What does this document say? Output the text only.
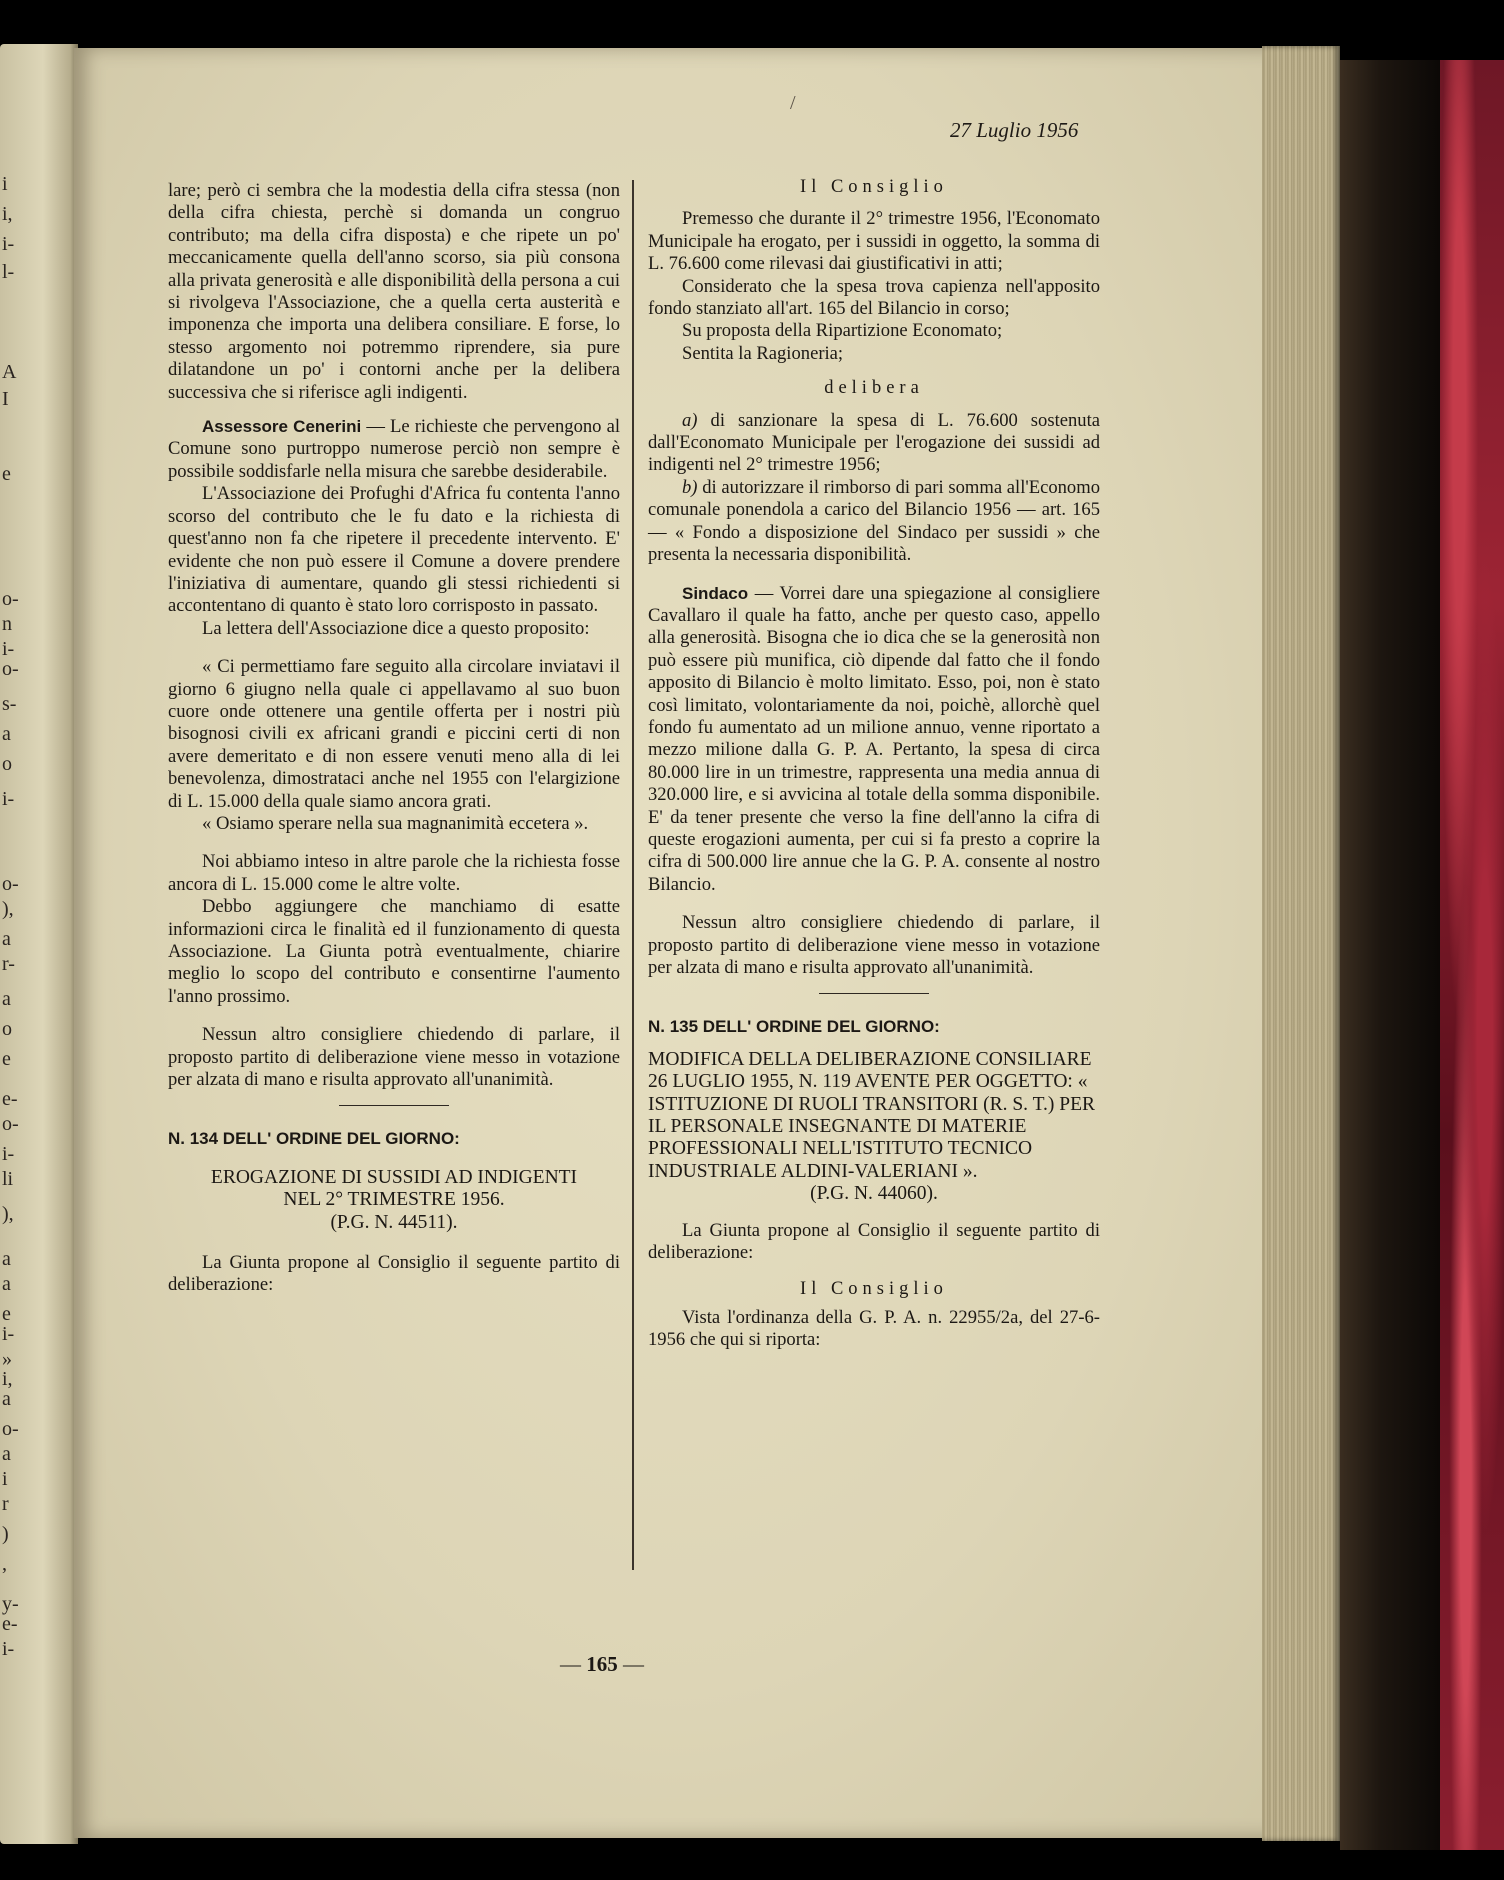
i
i,
i-
l-
A
I
e
o-
n
i-
o-
s-
a
o
i-
o-
),
a
r-
a
o
e
e-
o-
i-
li
),
a
a
e
i-
»
i,
a
o-
a
i
r
)
,
y-
e-
i-
27 Luglio 1956
/

lare; però ci sembra che la modestia della cifra stessa (non della cifra chiesta, perchè si domanda un congruo contributo; ma della cifra disposta) e che ripete un po' meccanicamente quella dell'anno scorso, sia più consona alla privata generosità e alle disponibilità della persona a cui si rivolgeva l'Associazione, che a quella certa austerità e imponenza che importa una delibera consiliare. E forse, lo stesso argomento noi potremmo riprendere, sia pure dilatandone un po' i contorni anche per la delibera successiva che si riferisce agli indigenti.

Assessore Cenerini — Le richieste che pervengono al Comune sono purtroppo numerose perciò non sempre è possibile soddisfarle nella misura che sarebbe desiderabile.

L'Associazione dei Profughi d'Africa fu contenta l'anno scorso del contributo che le fu dato e la richiesta di quest'anno non fa che ripetere il precedente intervento. E' evidente che non può essere il Comune a dovere prendere l'iniziativa di aumentare, quando gli stessi richiedenti si accontentano di quanto è stato loro corrisposto in passato.

La lettera dell'Associazione dice a questo proposito:

« Ci permettiamo fare seguito alla circolare inviatavi il giorno 6 giugno nella quale ci appellavamo al suo buon cuore onde ottenere una gentile offerta per i nostri più bisognosi civili ex africani grandi e piccini certi di non avere demeritato e di non essere venuti meno alla di lei benevolenza, dimostrataci anche nel 1955 con l'elargizione di L. 15.000 della quale siamo ancora grati.

« Osiamo sperare nella sua magnanimità eccetera ».

Noi abbiamo inteso in altre parole che la richiesta fosse ancora di L. 15.000 come le altre volte.

Debbo aggiungere che manchiamo di esatte informazioni circa le finalità ed il funzionamento di questa Associazione. La Giunta potrà eventualmente, chiarire meglio lo scopo del contributo e consentirne l'aumento l'anno prossimo.

Nessun altro consigliere chiedendo di parlare, il proposto partito di deliberazione viene messo in votazione per alzata di mano e risulta approvato all'unanimità.

N. 134 DELL' ORDINE DEL GIORNO:

EROGAZIONE DI SUSSIDI AD INDIGENTI

NEL 2° TRIMESTRE 1956.

(P.G. N. 44511).

La Giunta propone al Consiglio il seguente partito di deliberazione:

Il Consiglio

Premesso che durante il 2° trimestre 1956, l'Economato Municipale ha erogato, per i sussidi in oggetto, la somma di L. 76.600 come rilevasi dai giustificativi in atti;

Considerato che la spesa trova capienza nell'apposito fondo stanziato all'art. 165 del Bilancio in corso;

Su proposta della Ripartizione Economato;

Sentita la Ragioneria;

delibera

a) di sanzionare la spesa di L. 76.600 sostenuta dall'Economato Municipale per l'erogazione dei sussidi ad indigenti nel 2° trimestre 1956;

b) di autorizzare il rimborso di pari somma all'Economo comunale ponendola a carico del Bilancio 1956 — art. 165 — « Fondo a disposizione del Sindaco per sussidi » che presenta la necessaria disponibilità.

Sindaco — Vorrei dare una spiegazione al consigliere Cavallaro il quale ha fatto, anche per questo caso, appello alla generosità. Bisogna che io dica che se la generosità non può essere più munifica, ciò dipende dal fatto che il fondo apposito di Bilancio è molto limitato. Esso, poi, non è stato così limitato, volontariamente da noi, poichè, allorchè quel fondo fu aumentato ad un milione annuo, venne riportato a mezzo milione dalla G. P. A. Pertanto, la spesa di circa 80.000 lire in un trimestre, rappresenta una media annua di 320.000 lire, e si avvicina al totale della somma disponibile. E' da tener presente che verso la fine dell'anno la cifra di queste erogazioni aumenta, per cui si fa presto a coprire la cifra di 500.000 lire annue che la G. P. A. consente al nostro Bilancio.

Nessun altro consigliere chiedendo di parlare, il proposto partito di deliberazione viene messo in votazione per alzata di mano e risulta approvato all'unanimità.

N. 135 DELL' ORDINE DEL GIORNO:

MODIFICA DELLA DELIBERAZIONE CONSILIARE 26 LUGLIO 1955, N. 119 AVENTE PER OGGETTO: « ISTITUZIONE DI RUOLI TRANSITORI (R. S. T.) PER IL PERSONALE INSEGNANTE DI MATERIE PROFESSIONALI NELL'ISTITUTO TECNICO INDUSTRIALE ALDINI-VALERIANI ».

(P.G. N. 44060).

La Giunta propone al Consiglio il seguente partito di deliberazione:

Il Consiglio

Vista l'ordinanza della G. P. A. n. 22955/2a, del 27-6-1956 che qui si riporta:

— 165 —
